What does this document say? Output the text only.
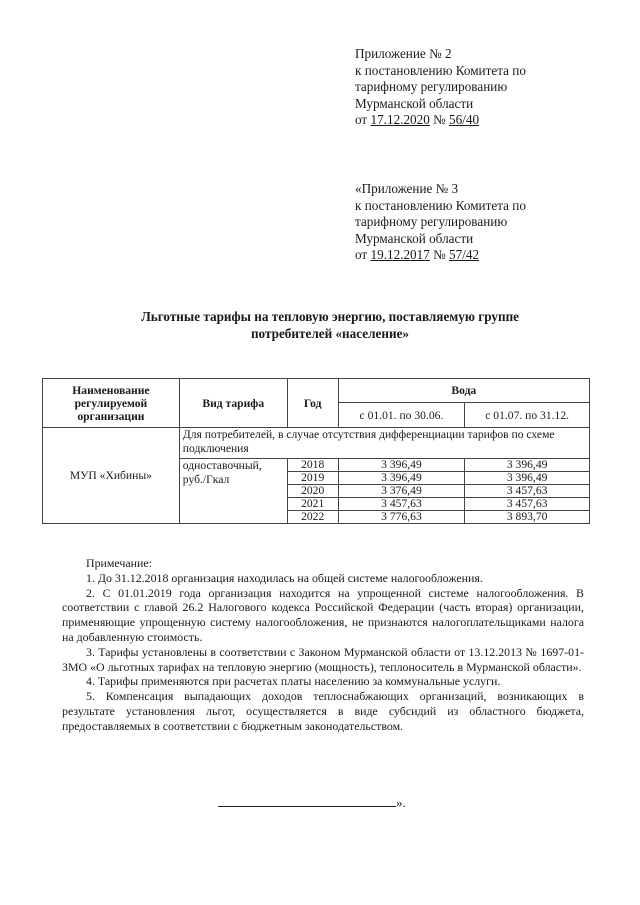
Приложение № 2
к постановлению Комитета по
тарифному регулированию
Мурманской области
от 17.12.2020 № 56/40
«Приложение № 3
к постановлению Комитета по
тарифному регулированию
Мурманской области
от 19.12.2017 № 57/42
Льготные тарифы на тепловую энергию, поставляемую группе
потребителей «население»
Наименование регулируемой организации	Вид тарифа	Год	Вода	
			с 01.01. по 30.06.	с 01.07. по 31.12.
МУП «Хибины»	Для потребителей, в случае отсутствия дифференциации тарифов по схеме подключения			
	одноставочный, руб./Гкал	2018	3 396,49	3 396,49
		2019	3 396,49	3 396,49
		2020	3 376,49	3 457,63
		2021	3 457,63	3 457,63
		2022	3 776,63	3 893,70

Примечание:

1. До 31.12.2018 организация находилась на общей системе налогообложения.

2. С 01.01.2019 года организация находится на упрощенной системе налогообложения. В соответствии с главой 26.2 Налогового кодекса Российской Федерации (часть вторая) организации, применяющие упрощенную систему налогообложения, не признаются налогоплательщиками налога на добавленную стоимость.

3. Тарифы установлены в соответствии с Законом Мурманской области от 13.12.2013 № 1697-01-ЗМО «О льготных тарифах на тепловую энергию (мощность), теплоноситель в Мурманской области».

4. Тарифы применяются при расчетах платы населению за коммунальные услуги.

5. Компенсация выпадающих доходов теплоснабжающих организаций, возникающих в результате установления льгот, осуществляется в виде субсидий из областного бюджета, предоставляемых в соответствии с бюджетным законодательством.

».
